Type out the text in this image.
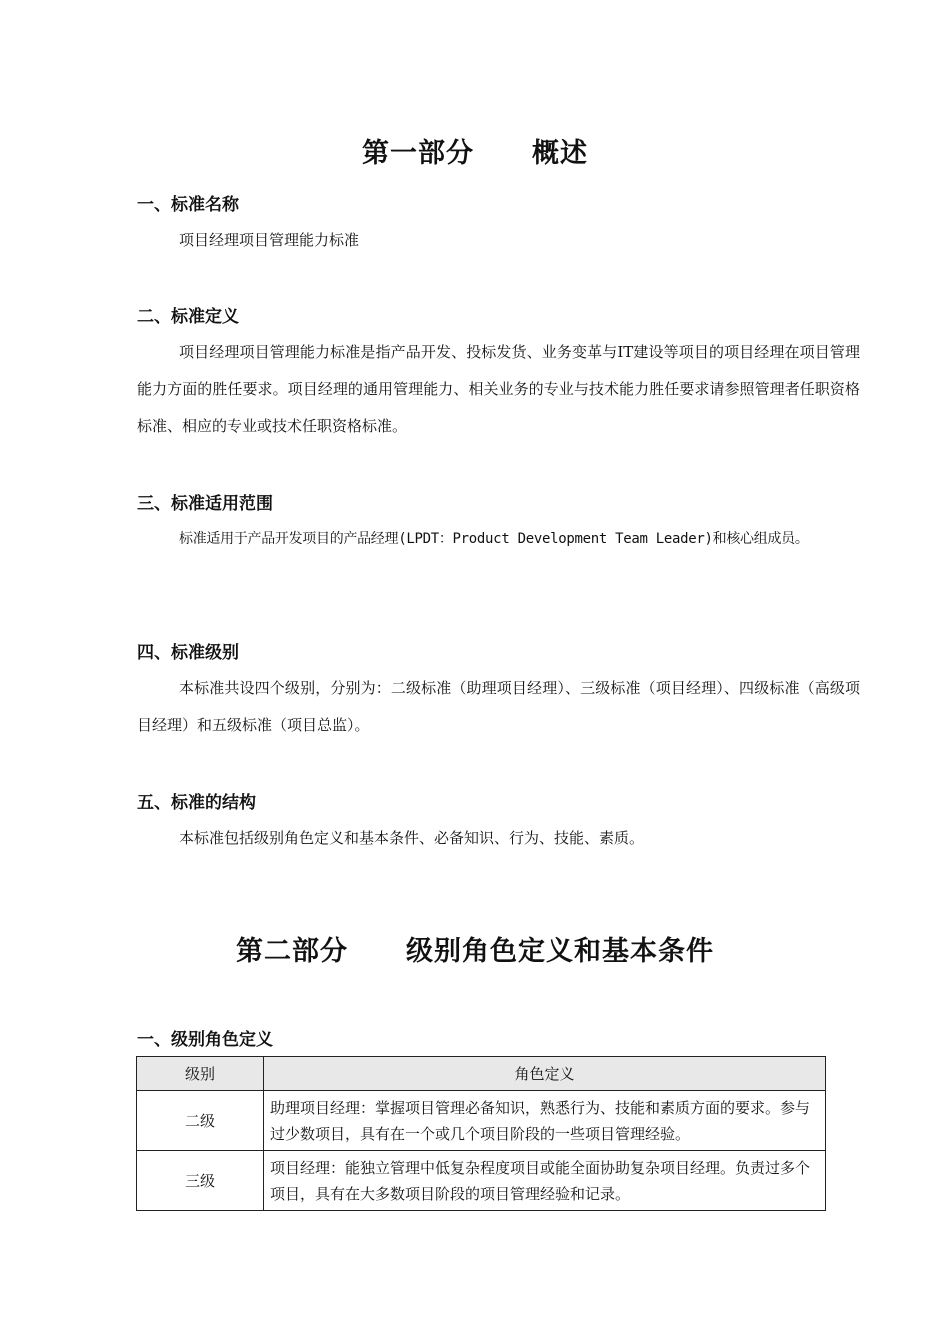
第一部分 概述
一、标准名称

项目经理项目管理能力标准

二、标准定义

项目经理项目管理能力标准是指产品开发、投标发货、业务变革与IT建设等项目的项目经理在项目管理能力方面的胜任要求。项目经理的通用管理能力、相关业务的专业与技术能力胜任要求请参照管理者任职资格标准、相应的专业或技术任职资格标准。

三、标准适用范围

标准适用于产品开发项目的产品经理(LPDT：Product Development Team Leader)和核心组成员。

四、标准级别

本标准共设四个级别，分别为：二级标准（助理项目经理）、三级标准（项目经理）、四级标准（高级项目经理）和五级标准（项目总监）。

五、标准的结构

本标准包括级别角色定义和基本条件、必备知识、行为、技能、素质。

第二部分 级别角色定义和基本条件
一、级别角色定义
级别	角色定义
二级	助理项目经理：掌握项目管理必备知识，熟悉行为、技能和素质方面的要求。参与过少数项目，具有在一个或几个项目阶段的一些项目管理经验。
三级	项目经理：能独立管理中低复杂程度项目或能全面协助复杂项目经理。负责过多个项目，具有在大多数项目阶段的项目管理经验和记录。
